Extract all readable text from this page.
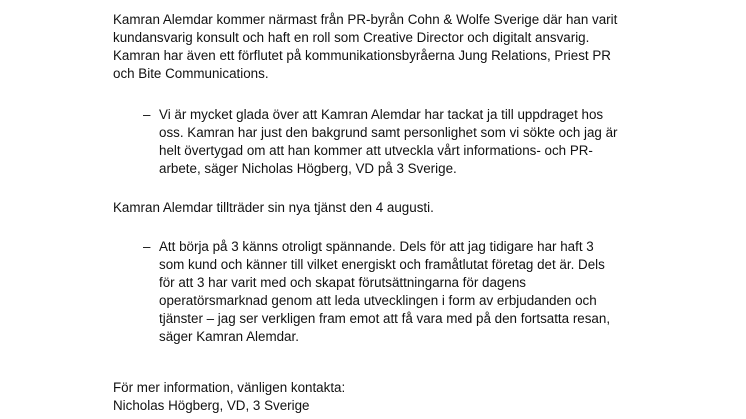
Kamran Alemdar kommer närmast från PR-byrån Cohn & Wolfe Sverige där han varit
kundansvarig konsult och haft en roll som Creative Director och digitalt ansvarig.
Kamran har även ett förflutet på kommunikationsbyråerna Jung Relations, Priest PR
och Bite Communications.
– Vi är mycket glada över att Kamran Alemdar har tackat ja till uppdraget hos
oss. Kamran har just den bakgrund samt personlighet som vi sökte och jag är
helt övertygad om att han kommer att utveckla vårt informations- och PR-
arbete, säger Nicholas Högberg, VD på 3 Sverige.
Kamran Alemdar tillträder sin nya tjänst den 4 augusti.
– Att börja på 3 känns otroligt spännande. Dels för att jag tidigare har haft 3
som kund och känner till vilket energiskt och framåtlutat företag det är. Dels
för att 3 har varit med och skapat förutsättningarna för dagens
operatörsmarknad genom att leda utvecklingen i form av erbjudanden och
tjänster – jag ser verkligen fram emot att få vara med på den fortsatta resan,
säger Kamran Alemdar.
För mer information, vänligen kontakta:
Nicholas Högberg, VD, 3 Sverige
